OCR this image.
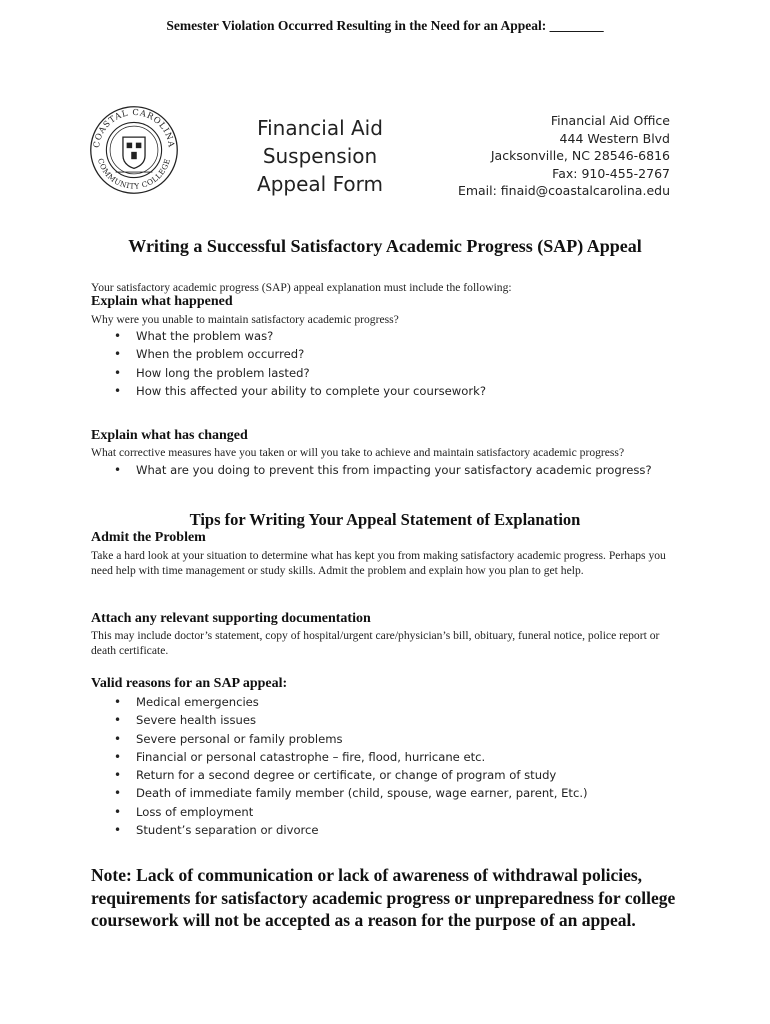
Semester Violation Occurred Resulting in the Need for an Appeal: ________
COASTAL CAROLINA
COMMUNITY COLLEGE
Financial Aid
Suspension
Appeal Form
Financial Aid Office
444 Western Blvd
Jacksonville, NC 28546-6816
Fax: 910-455-2767
Email: finaid@coastalcarolina.edu
Writing a Successful Satisfactory Academic Progress (SAP) Appeal
Your satisfactory academic progress (SAP) appeal explanation must include the following:
Explain what happened
Why were you unable to maintain satisfactory academic progress?
• What the problem was?
• When the problem occurred?
• How long the problem lasted?
• How this affected your ability to complete your coursework?
Explain what has changed
What corrective measures have you taken or will you take to achieve and maintain satisfactory academic progress?
• What are you doing to prevent this from impacting your satisfactory academic progress?
Tips for Writing Your Appeal Statement of Explanation
Admit the Problem
Take a hard look at your situation to determine what has kept you from making satisfactory academic progress. Perhaps you need help with time management or study skills. Admit the problem and explain how you plan to get help.
Attach any relevant supporting documentation
This may include doctor’s statement, copy of hospital/urgent care/physician’s bill, obituary, funeral notice, police report or death certificate.
Valid reasons for an SAP appeal:
• Medical emergencies
• Severe health issues
• Severe personal or family problems
• Financial or personal catastrophe – fire, flood, hurricane etc.
• Return for a second degree or certificate, or change of program of study
• Death of immediate family member (child, spouse, wage earner, parent, Etc.)
• Loss of employment
• Student’s separation or divorce
Note: Lack of communication or lack of awareness of withdrawal policies, requirements for satisfactory academic progress or unpreparedness for college coursework will not be accepted as a reason for the purpose of an appeal.
